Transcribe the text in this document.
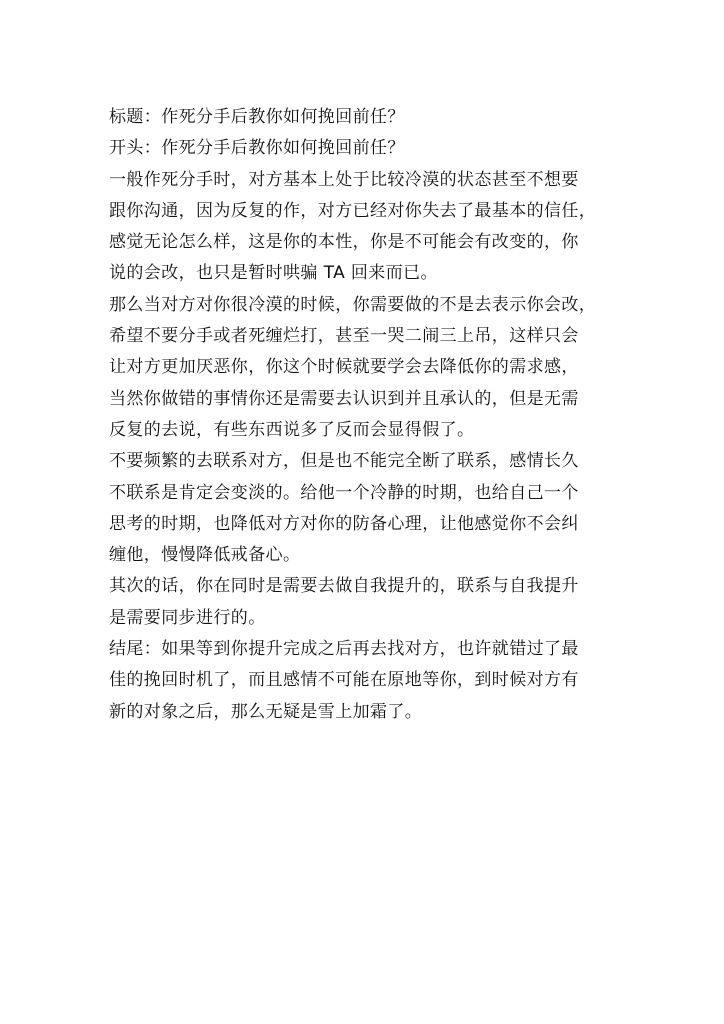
标题：作死分手后教你如何挽回前任？

开头：作死分手后教你如何挽回前任？

一般作死分手时，对方基本上处于比较冷漠的状态甚至不想要

跟你沟通，因为反复的作，对方已经对你失去了最基本的信任，

感觉无论怎么样，这是你的本性，你是不可能会有改变的，你

说的会改，也只是暂时哄骗 TA 回来而已。

那么当对方对你很冷漠的时候，你需要做的不是去表示你会改，

希望不要分手或者死缠烂打，甚至一哭二闹三上吊，这样只会

让对方更加厌恶你，你这个时候就要学会去降低你的需求感，

当然你做错的事情你还是需要去认识到并且承认的，但是无需

反复的去说，有些东西说多了反而会显得假了。

不要频繁的去联系对方，但是也不能完全断了联系，感情长久

不联系是肯定会变淡的。给他一个冷静的时期，也给自己一个

思考的时期，也降低对方对你的防备心理，让他感觉你不会纠

缠他，慢慢降低戒备心。

其次的话，你在同时是需要去做自我提升的，联系与自我提升

是需要同步进行的。

结尾：如果等到你提升完成之后再去找对方，也许就错过了最

佳的挽回时机了，而且感情不可能在原地等你，到时候对方有

新的对象之后，那么无疑是雪上加霜了。
